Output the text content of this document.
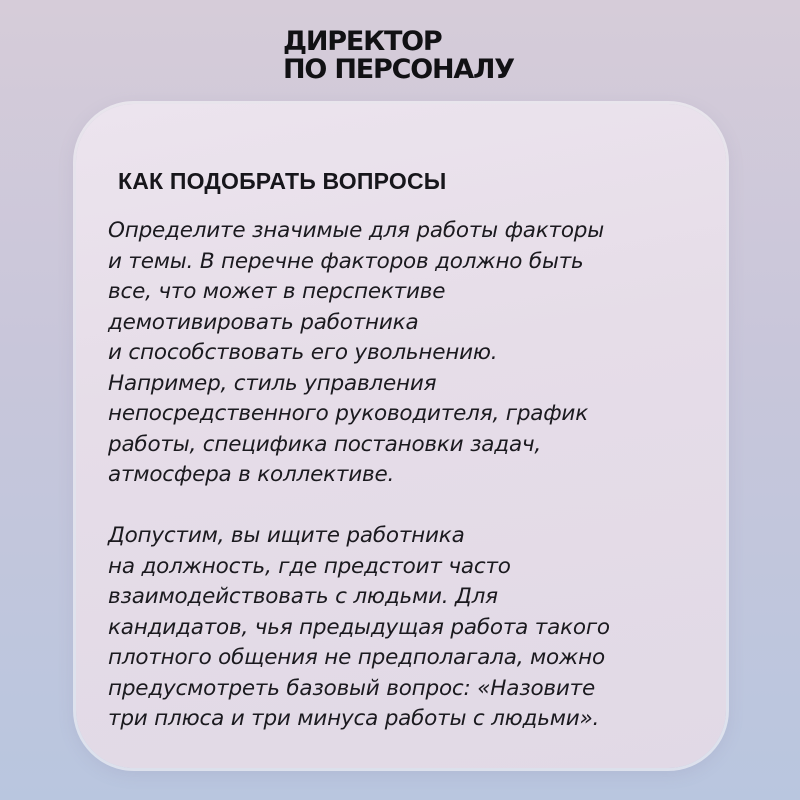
ДИРЕКТОР
ПО ПЕРСОНАЛУ
КАК ПОДОБРАТЬ ВОПРОСЫ
Определите значимые для работы факторы
и темы. В перечне факторов должно быть
все, что может в перспективе
демотивировать работника
и способствовать его увольнению.
Например, стиль управления
непосредственного руководителя, график
работы, специфика постановки задач,
атмосфера в коллективе.
Допустим, вы ищите работника
на должность, где предстоит часто
взаимодействовать с людьми. Для
кандидатов, чья предыдущая работа такого
плотного общения не предполагала, можно
предусмотреть базовый вопрос: «Назовите
три плюса и три минуса работы с людьми».
